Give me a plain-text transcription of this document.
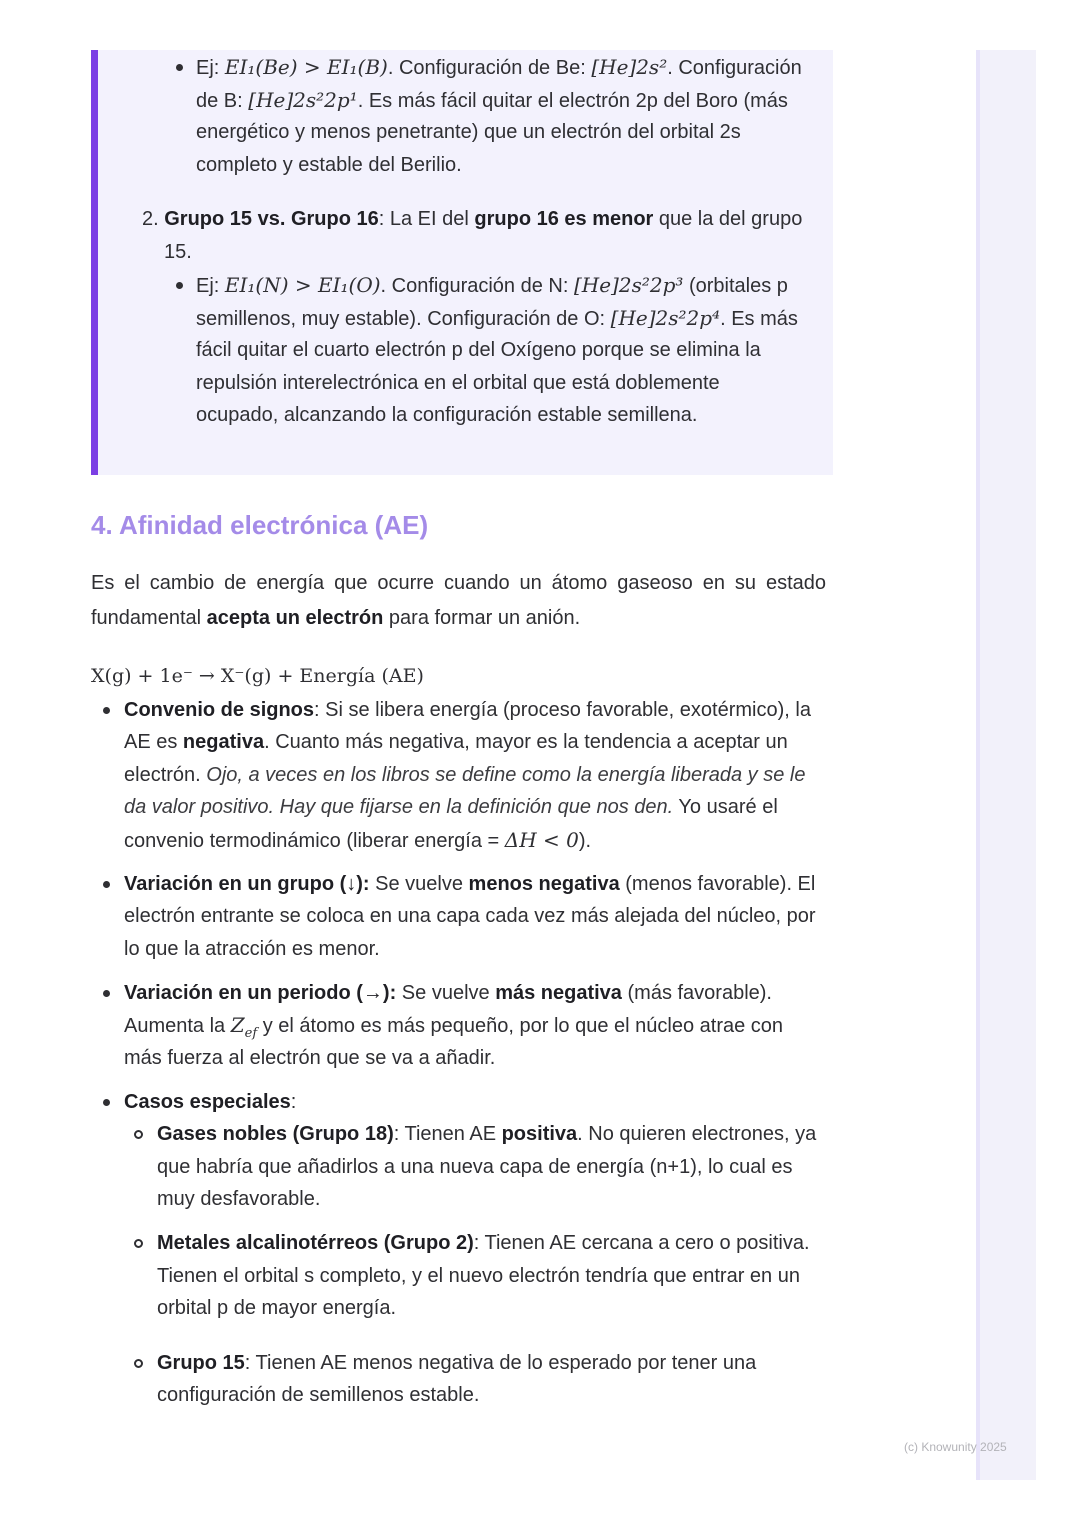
Ej: EI₁(Be) > EI₁(B). Configuración de Be: [He]2s². Configuración
de B: [He]2s²2p¹. Es más fácil quitar el electrón 2p del Boro (más
energético y menos penetrante) que un electrón del orbital 2s
completo y estable del Berilio.
2. Grupo 15 vs. Grupo 16: La EI del grupo 16 es menor que la del grupo
15.
Ej: EI₁(N) > EI₁(O). Configuración de N: [He]2s²2p³ (orbitales p
semillenos, muy estable). Configuración de O: [He]2s²2p⁴. Es más
fácil quitar el cuarto electrón p del Oxígeno porque se elimina la
repulsión interelectrónica en el orbital que está doblemente
ocupado, alcanzando la configuración estable semillena.
4. Afinidad electrónica (AE)
Es el cambio de energía que ocurre cuando un átomo gaseoso en su estado
fundamental acepta un electrón para formar un anión.
X(g) + 1e⁻ → X⁻(g) + Energía (AE)
Convenio de signos: Si se libera energía (proceso favorable, exotérmico), la
AE es negativa. Cuanto más negativa, mayor es la tendencia a aceptar un
electrón. Ojo, a veces en los libros se define como la energía liberada y se le
da valor positivo. Hay que fijarse en la definición que nos den. Yo usaré el
convenio termodinámico (liberar energía = ΔH < 0).
Variación en un grupo (↓): Se vuelve menos negativa (menos favorable). El
electrón entrante se coloca en una capa cada vez más alejada del núcleo, por
lo que la atracción es menor.
Variación en un periodo (→): Se vuelve más negativa (más favorable).
Aumenta la $Z_{ef}$ y el átomo es más pequeño, por lo que el núcleo atrae con
más fuerza al electrón que se va a añadir.
Casos especiales:
Gases nobles (Grupo 18): Tienen AE positiva. No quieren electrones, ya
que habría que añadirlos a una nueva capa de energía (n+1), lo cual es
muy desfavorable.
Metales alcalinotérreos (Grupo 2): Tienen AE cercana a cero o positiva.
Tienen el orbital s completo, y el nuevo electrón tendría que entrar en un
orbital p de mayor energía.
Grupo 15: Tienen AE menos negativa de lo esperado por tener una
configuración de semillenos estable.
(c) Knowunity 2025
